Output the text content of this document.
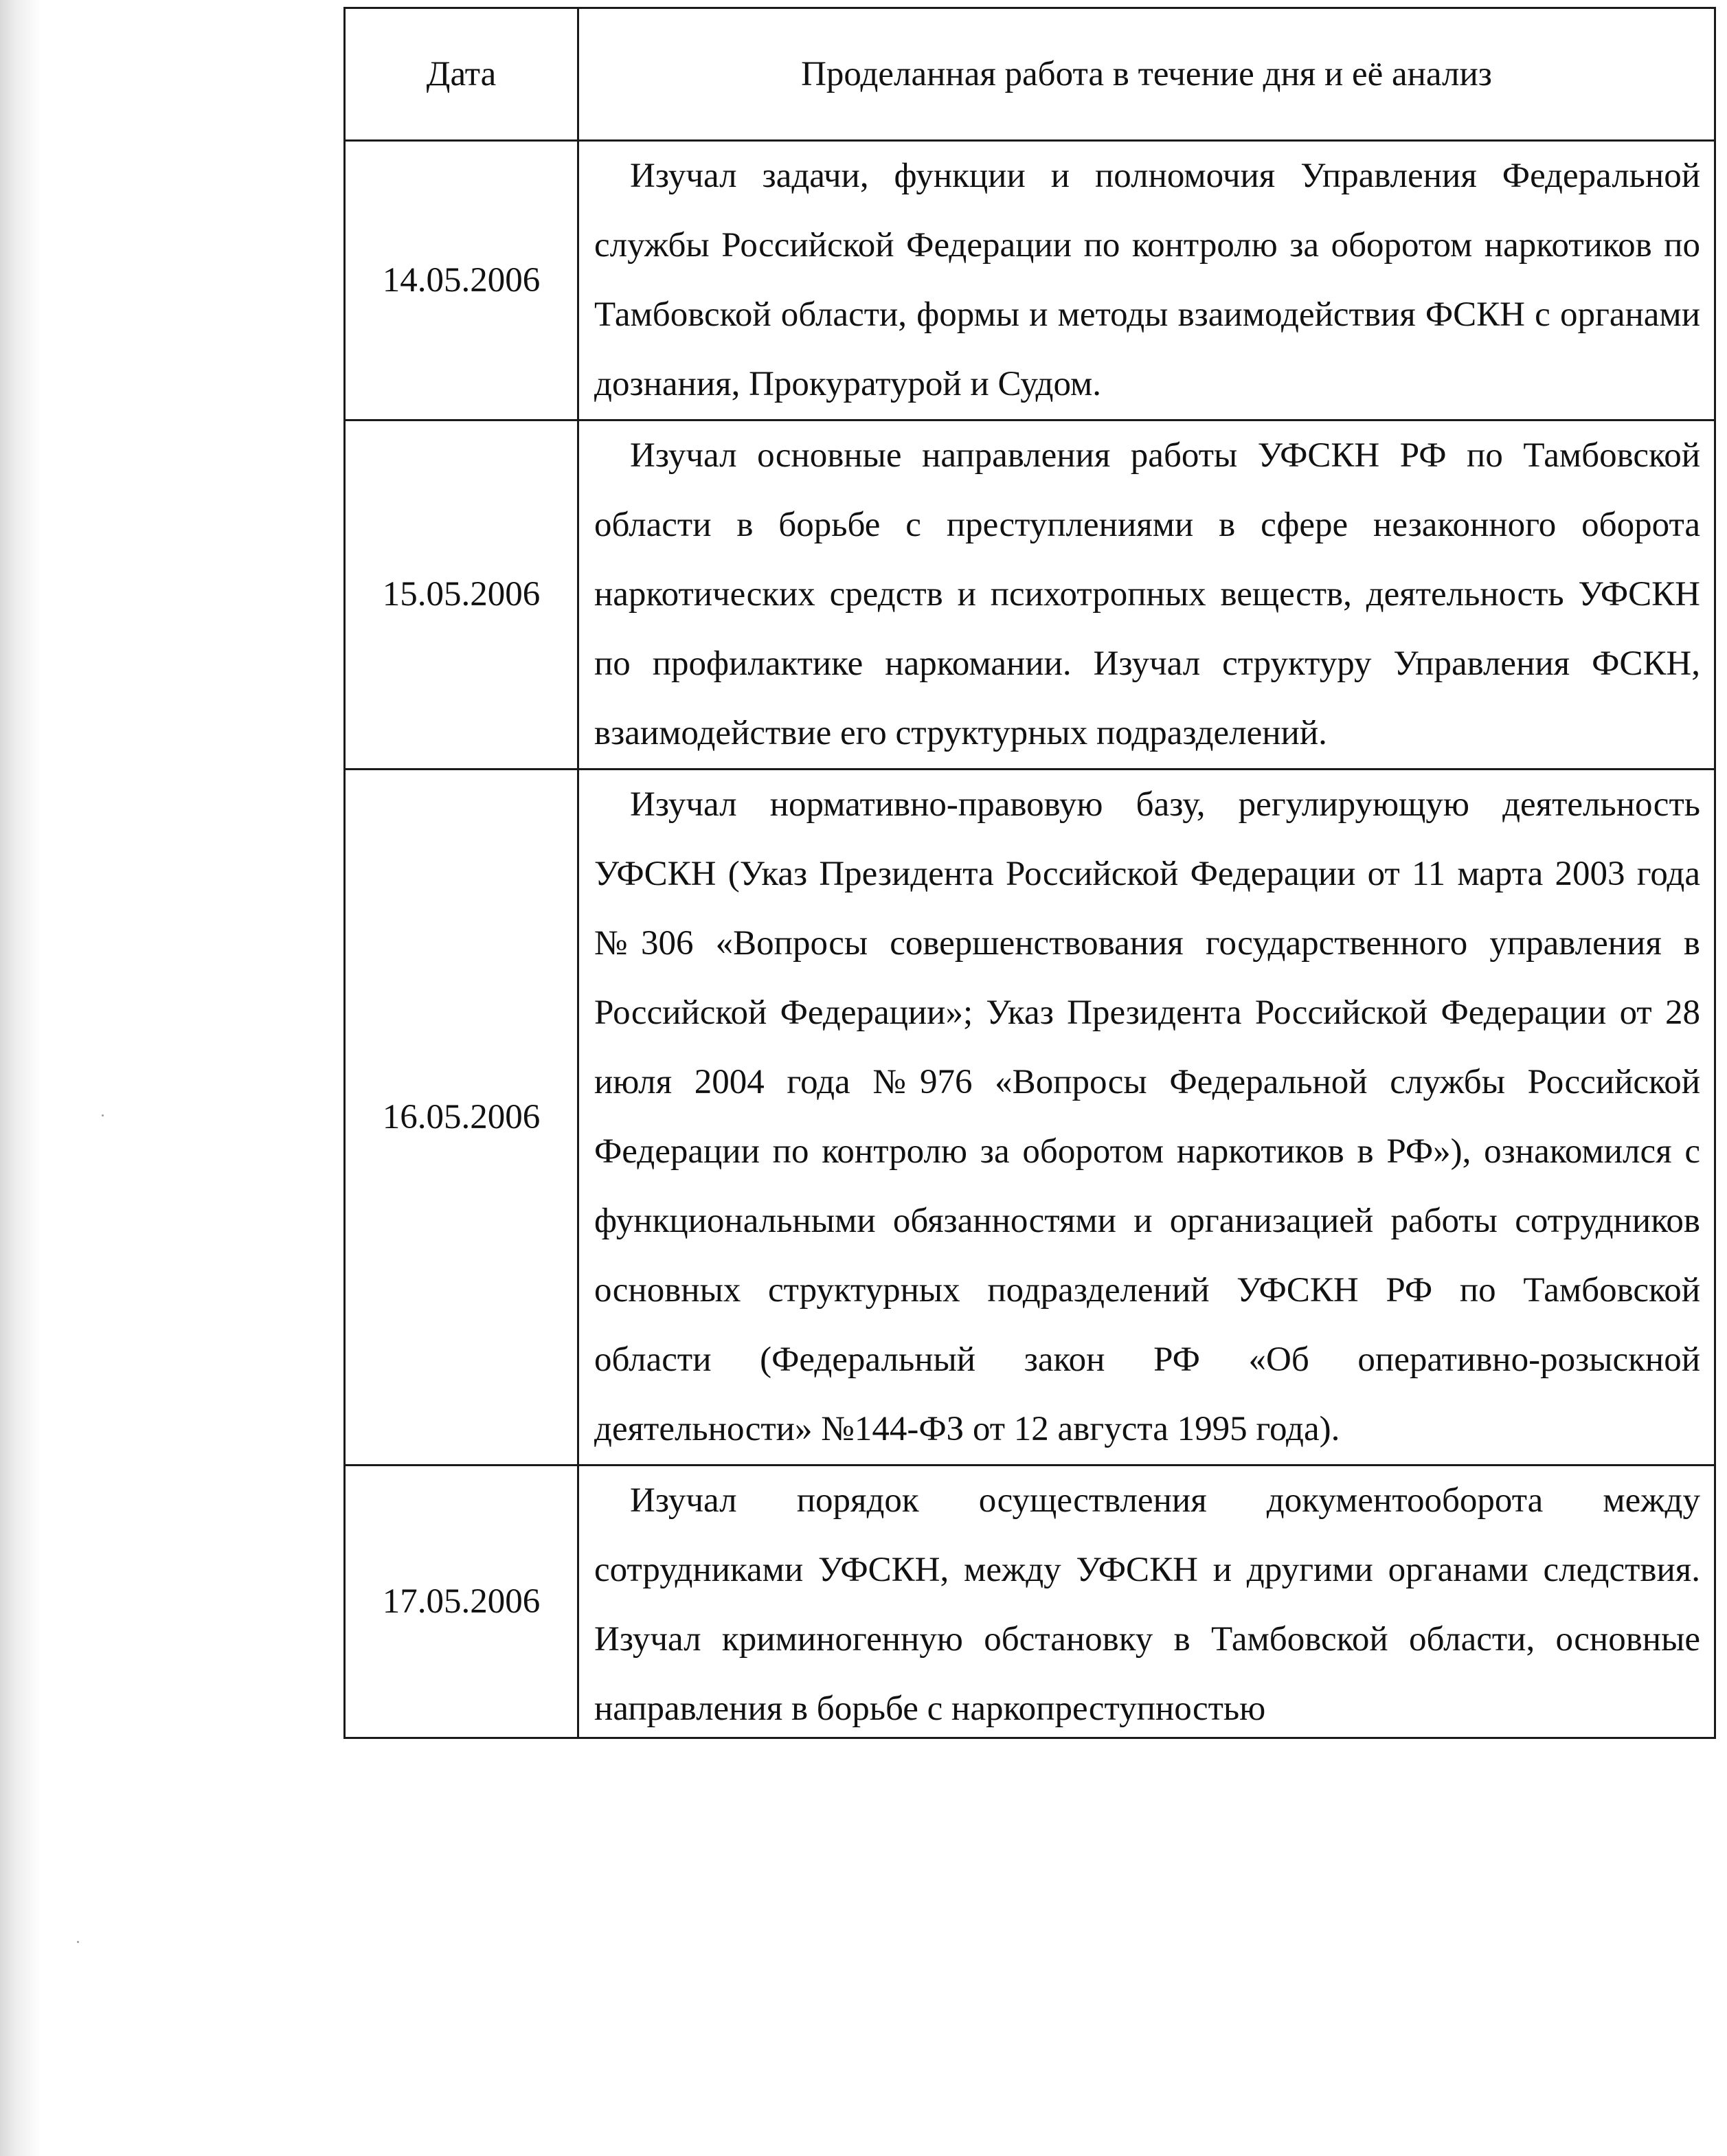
Дата	Проделанная работа в течение дня и её анализ
14.05.2006	Изучал задачи, функции и полномочия Управления Федеральной службы Российской Федерации по контролю за оборотом наркотиков по Тамбовской области, формы и методы взаимодействия ФСКН с органами дознания, Прокуратурой и Судом.
15.05.2006	Изучал основные направления работы УФСКН РФ по Тамбовской области в борьбе с преступлениями в сфере незаконного оборота наркотических средств и психотропных веществ, деятельность УФСКН по профилактике наркомании. Изучал структуру Управления ФСКН, взаимодействие его структурных подразделений.
16.05.2006	Изучал нормативно-правовую базу, регулирующую деятельность УФСКН (Указ Президента Российской Федерации от 11 марта 2003 года №306 «Вопросы совершенствования государственного управления в Российской Федерации»; Указ Президента Российской Федерации от 28 июля 2004 года №976 «Вопросы Федеральной службы Российской Федерации по контролю за оборотом наркотиков в РФ»), ознакомился с функциональными обязанностями и организацией работы сотрудников основных структурных подразделений УФСКН РФ по Тамбовской области (Федеральный закон РФ «Об оперативно-розыскной деятельности» №144-ФЗ от 12 августа 1995 года).
17.05.2006	Изучал порядок осуществления документооборота между сотрудниками УФСКН, между УФСКН и другими органами следствия. Изучал криминогенную обстановку в Тамбовской области, основные направления в борьбе с наркопреступностью
